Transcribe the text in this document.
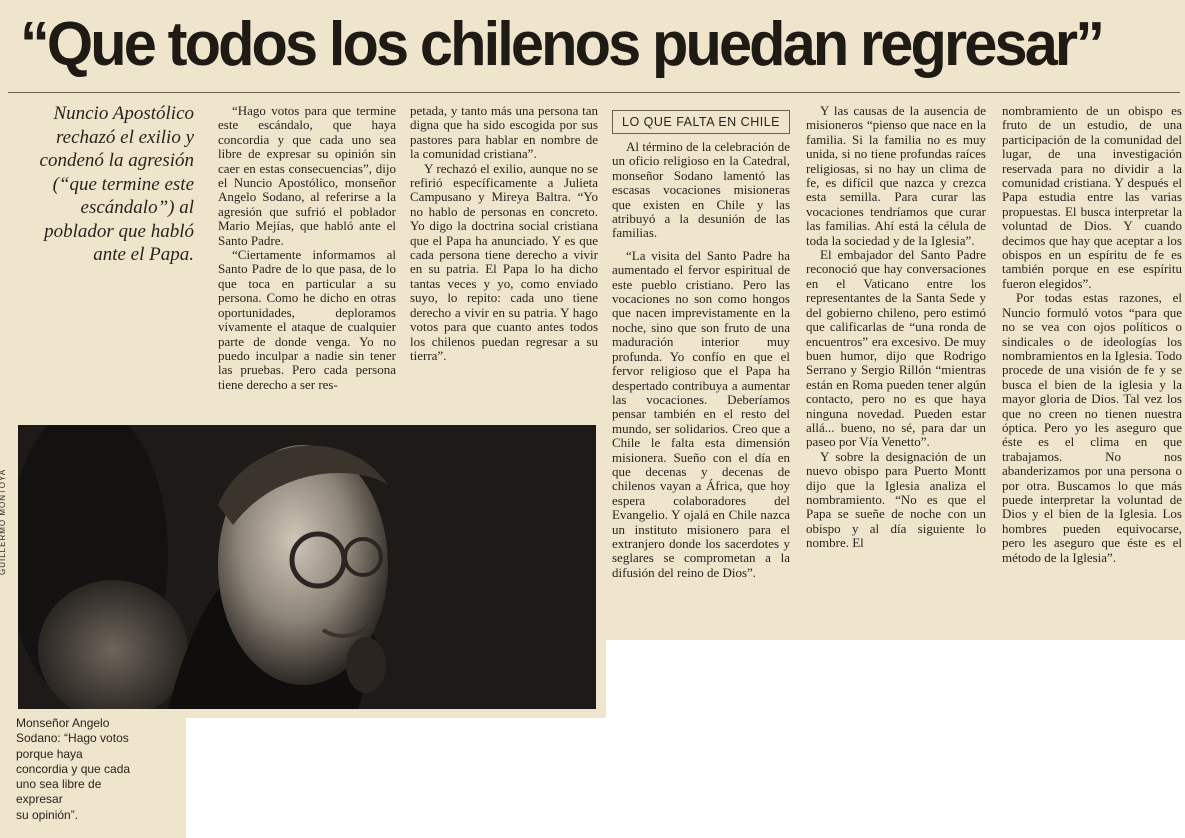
“Que todos los chilenos puedan regresar”
Nuncio Apostólico rechazó el exilio y condenó la agresión (“que termine este escándalo”) al poblador que habló ante el Papa.

“Hago votos para que termine este escándalo, que haya concordia y que cada uno sea libre de expresar su opinión sin caer en estas consecuencias”, dijo el Nuncio Apostólico, monseñor Angelo Sodano, al referirse a la agresión que sufrió el poblador Mario Mejías, que habló ante el Santo Padre.

“Ciertamente informamos al Santo Padre de lo que pasa, de lo que toca en particular a su persona. Como he dicho en otras oportunidades, deploramos vivamente el ataque de cualquier parte de donde venga. Yo no puedo inculpar a nadie sin tener las pruebas. Pero cada persona tiene derecho a ser res-

petada, y tanto más una persona tan digna que ha sido escogida por sus pastores para hablar en nombre de la comunidad cristiana”.

Y rechazó el exilio, aunque no se refirió específicamente a Julieta Campusano y Mireya Baltra. “Yo no hablo de personas en concreto. Yo digo la doctrina social cristiana que el Papa ha anunciado. Y es que cada persona tiene derecho a vivir en su patria. El Papa lo ha dicho tantas veces y yo, como enviado suyo, lo repito: cada uno tiene derecho a vivir en su patria. Y hago votos para que cuanto antes todos los chilenos puedan regresar a su tierra”.

LO QUE FALTA EN CHILE

Al término de la celebración de un oficio religioso en la Catedral, monseñor Sodano lamentó las escasas vocaciones misioneras que existen en Chile y las atribuyó a la desunión de las familias.

“La visita del Santo Padre ha aumentado el fervor espiritual de este pueblo cristiano. Pero las vocaciones no son como hongos que nacen imprevistamente en la noche, sino que son fruto de una maduración interior muy profunda. Yo confío en que el fervor religioso que el Papa ha despertado contribuya a aumentar las vocaciones. Deberíamos pensar también en el resto del mundo, ser solidarios. Creo que a Chile le falta esta dimensión misionera. Sueño con el día en que decenas y decenas de chilenos vayan a África, que hoy espera colaboradores del Evangelio. Y ojalá en Chile nazca un instituto misionero para el extranjero donde los sacerdotes y seglares se comprometan a la difusión del reino de Dios”.

Y las causas de la ausencia de misioneros “pienso que nace en la familia. Si la familia no es muy unida, si no tiene profundas raíces religiosas, si no hay un clima de fe, es difícil que nazca y crezca esta semilla. Para curar las vocaciones tendríamos que curar las familias. Ahí está la célula de toda la sociedad y de la Iglesia”.

El embajador del Santo Padre reconoció que hay conversaciones en el Vaticano entre los representantes de la Santa Sede y del gobierno chileno, pero estimó que calificarlas de “una ronda de encuentros” era excesivo. De muy buen humor, dijo que Rodrigo Serrano y Sergio Rillón “mientras están en Roma pueden tener algún contacto, pero no es que haya ninguna novedad. Pueden estar allá... bueno, no sé, para dar un paseo por Vía Venetto”.

Y sobre la designación de un nuevo obispo para Puerto Montt dijo que la Iglesia analiza el nombramiento. “No es que el Papa se sueñe de noche con un obispo y al día siguiente lo nombre. El

nombramiento de un obispo es fruto de un estudio, de una participación de la comunidad del lugar, de una investigación reservada para no dividir a la comunidad cristiana. Y después el Papa estudia entre las varias propuestas. El busca interpretar la voluntad de Dios. Y cuando decimos que hay que aceptar a los obispos en un espíritu de fe es también porque en ese espíritu fueron elegidos”.

Por todas estas razones, el Nuncio formuló votos “para que no se vea con ojos políticos o sindicales o de ideologías los nombramientos en la Iglesia. Todo procede de una visión de fe y se busca el bien de la iglesia y la mayor gloria de Dios. Tal vez los que no creen no tienen nuestra óptica. Pero yo les aseguro que éste es el clima en que trabajamos. No nos abanderizamos por una persona o por otra. Buscamos lo que más puede interpretar la voluntad de Dios y el bien de la Iglesia. Los hombres pueden equivocarse, pero les aseguro que éste es el método de la Iglesia”.

Monseñor Angelo
Sodano: “Hago votos
porque haya
concordia y que cada
uno sea libre de
expresar
su opinión”.
